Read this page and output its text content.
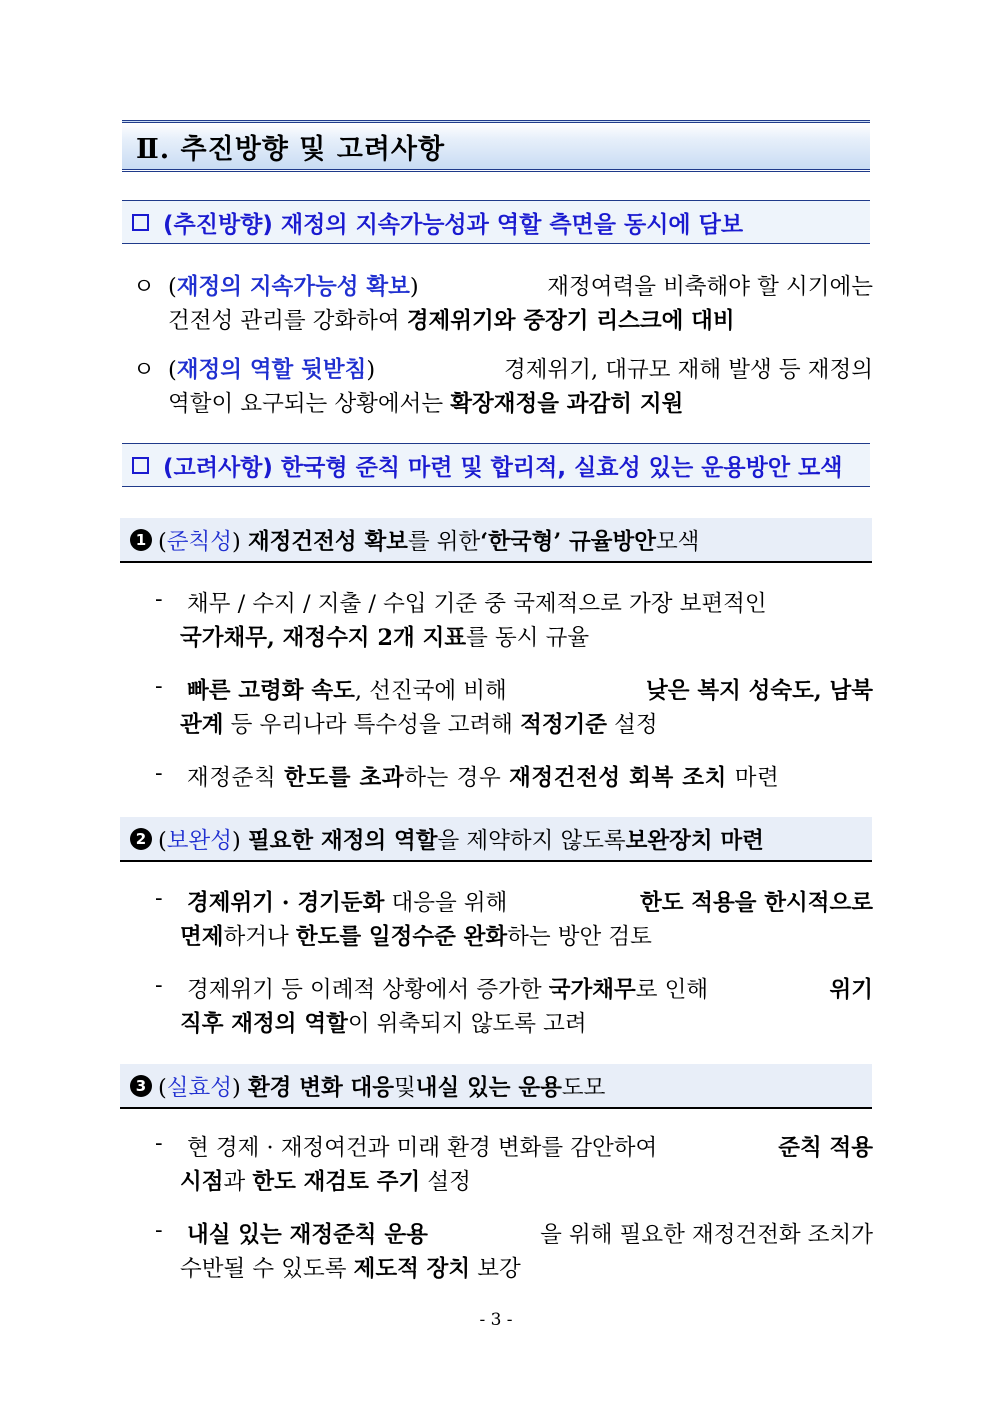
Ⅱ. 추진방향 및 고려사항
(추진방향) 재정의 지속가능성과 역할 측면을 동시에 담보
ㅇ (재정의 지속가능성 확보)	재정여력을 비축해야 할 시기에는
건전성 관리를 강화하여 경제위기와 중장기 리스크에 대비
ㅇ (재정의 역할 뒷받침)	경제위기, 대규모 재해 발생 등 재정의
역할이 요구되는 상황에서는 확장재정을 과감히 지원
(고려사항) 한국형 준칙 마련 및 합리적, 실효성 있는 운용방안 모색
1 (준칙성) 재정건전성 확보 를 위한 ‘한국형’ 규율방안 모색
- 채무 / 수지 / 지출 / 수입 기준 중 국제적으로 가장 보편적인
국가채무, 재정수지 2개 지표를 동시 규율
- 빠른 고령화 속도, 선진국에 비해	낮은 복지 성숙도, 남북
관계 등 우리나라 특수성을 고려해 적정기준 설정
- 재정준칙 한도를 초과하는 경우 재정건전성 회복 조치 마련
2 (보완성) 필요한 재정의 역할 을 제약하지 않도록 보완장치 마련
- 경제위기 · 경기둔화 대응을 위해	한도 적용을 한시적으로
면제하거나 한도를 일정수준 완화하는 방안 검토
- 경제위기 등 이례적 상황에서 증가한 국가채무로 인해	위기
직후 재정의 역할이 위축되지 않도록 고려
3 (실효성) 환경 변화 대응 및 내실 있는 운용 도모
- 현 경제 · 재정여건과 미래 환경 변화를 감안하여	준칙 적용
시점과 한도 재검토 주기 설정
- 내실 있는 재정준칙 운용	을 위해 필요한 재정건전화 조치가
수반될 수 있도록 제도적 장치 보강
- 3 -
